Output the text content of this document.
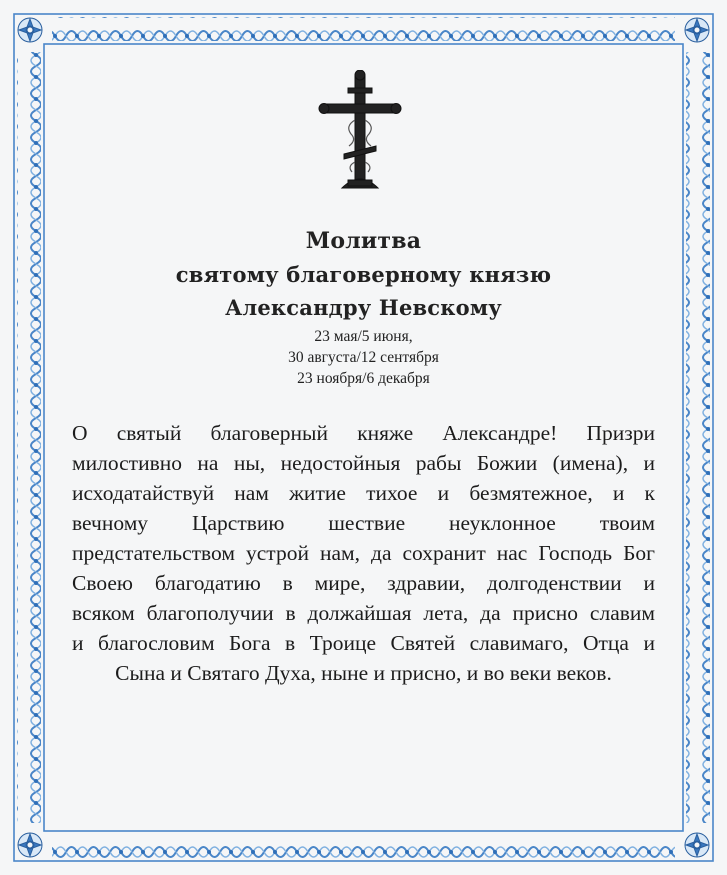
Молитва
святому благоверному князю
Александру Невскому
23 мая/5 июня,
30 августа/12 сентября
23 ноября/6 декабря
О святый благоверный княже Александре! Призри
милостивно на ны, недостойныя рабы Божии (имена), и
исходатайствуй нам житие тихое и безмятежное, и к
вечному Царствию шествие неуклонное твоим
предстательством устрой нам, да сохранит нас Господь Бог
Своею благодатию в мире, здравии, долгоденствии и
всяком благополучии в должайшая лета, да присно славим
и благословим Бога в Троице Святей славимаго, Отца и
Сына и Святаго Духа, ныне и присно, и во веки веков.
